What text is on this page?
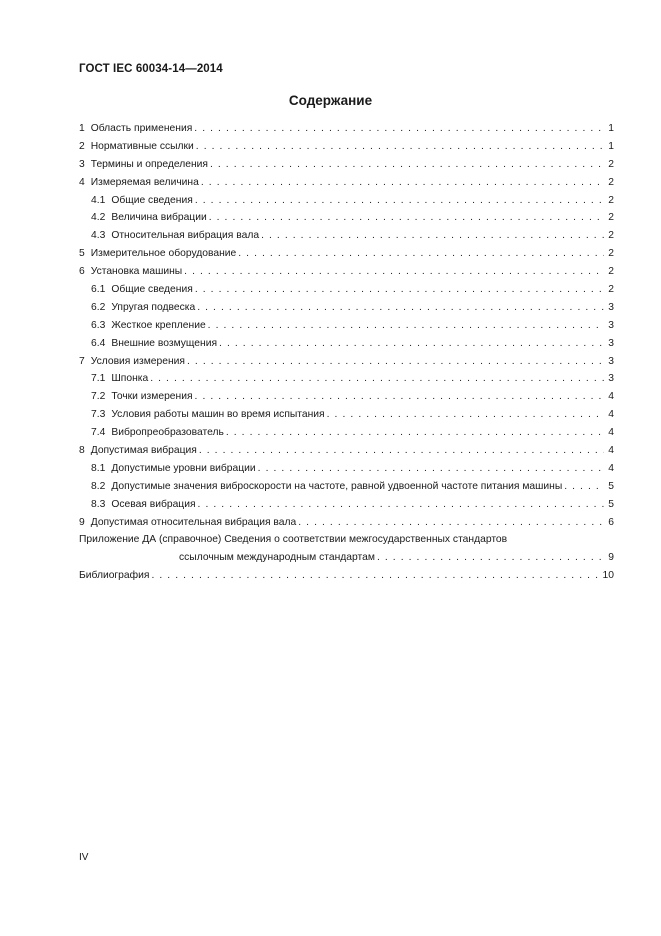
ГОСТ IEC 60034-14—2014
Содержание
1 Область применения . . .	1
2 Нормативные ссылки . . .	1
3 Термины и определения . . .	2
4 Измеряемая величина . . .	2
4.1 Общие сведения . . .	2
4.2 Величина вибрации . . .	2
4.3 Относительная вибрация вала . . .	2
5 Измерительное оборудование . . .	2
6 Установка машины . . .	2
6.1 Общие сведения . . .	2
6.2 Упругая подвеска . . .	3
6.3 Жесткое крепление . . .	3
6.4 Внешние возмущения . . .	3
7 Условия измерения . . .	3
7.1 Шпонка . . .	3
7.2 Точки измерения . . .	4
7.3 Условия работы машин во время испытания . . .	4
7.4 Вибропреобразователь . . .	4
8 Допустимая вибрация . . .	4
8.1 Допустимые уровни вибрации . . .	4
8.2 Допустимые значения виброскорости на частоте, равной удвоенной частоте питания машины . . .	5
8.3 Осевая вибрация . . .	5
9 Допустимая относительная вибрация вала . . .	6
Приложение ДА (справочное) Сведения о соответствии межгосударственных стандартов
ссылочным международным стандартам . . .	9
Библиография . . .	10
IV
